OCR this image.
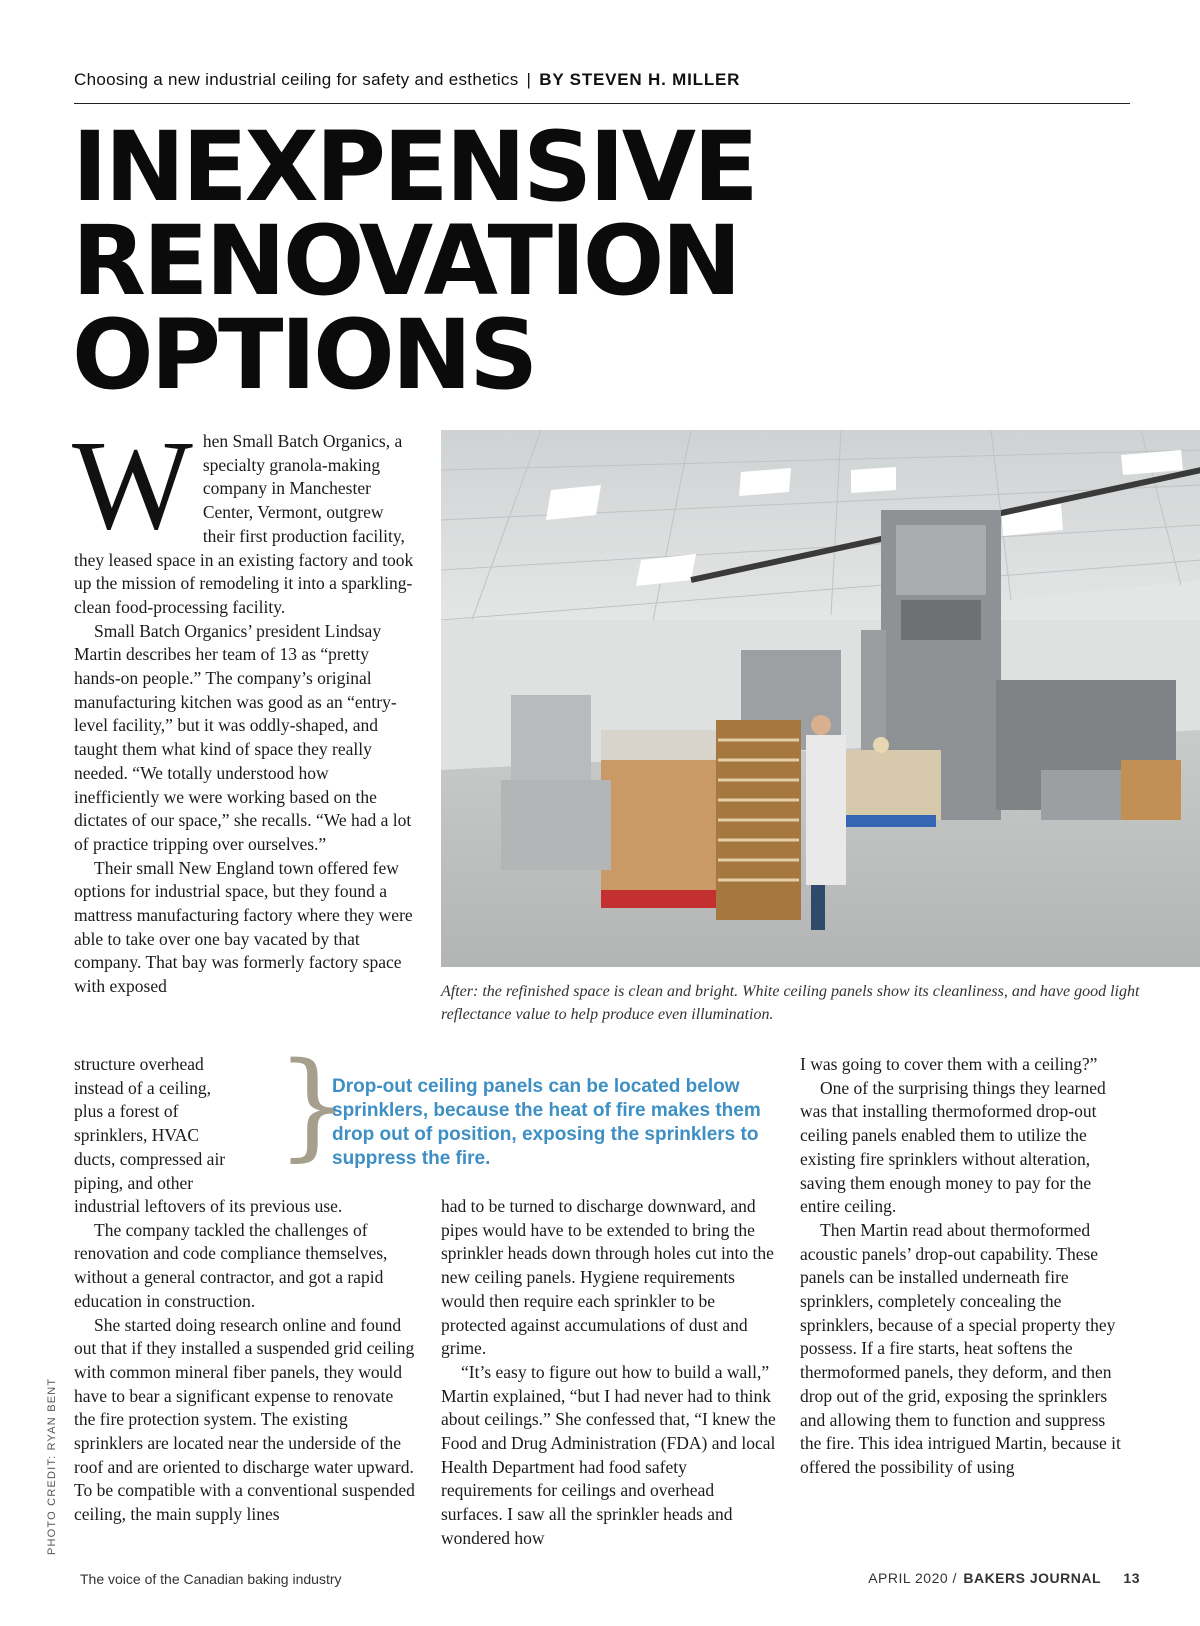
Choosing a new industrial ceiling for safety and esthetics | BY STEVEN H. MILLER
INEXPENSIVE
RENOVATION
OPTIONS
W hen Small Batch Organics, a specialty granola-making company in Manchester Center, Vermont, outgrew their first production facility, they leased space in an existing factory and took up the mission of remodeling it into a sparkling-clean food-processing facility.

Small Batch Organics’ president Lindsay Martin describes her team of 13 as “pretty hands-on people.” The company’s original manufacturing kitchen was good as an “entry-level facility,” but it was oddly-shaped, and taught them what kind of space they really needed. “We totally understood how inefficiently we were working based on the dictates of our space,” she recalls. “We had a lot of practice tripping over ourselves.”

Their small New England town offered few options for industrial space, but they found a mattress manufacturing factory where they were able to take over one bay vacated by that company. That bay was formerly factory space with exposed

structure overhead instead of a ceiling, plus a forest of sprinklers, HVAC ducts, compressed air piping, and other

industrial leftovers of its previous use.

The company tackled the challenges of renovation and code compliance themselves, without a general contractor, and got a rapid education in construction.

She started doing research online and found out that if they installed a suspended grid ceiling with common mineral fiber panels, they would have to bear a significant expense to renovate the fire protection system. The existing sprinklers are located near the underside of the roof and are oriented to discharge water upward. To be compatible with a conventional suspended ceiling, the main supply lines

After: the refinished space is clean and bright. White ceiling panels show its cleanliness, and have good light reflectance value to help produce even illumination.
}
Drop-out ceiling panels can be located below sprinklers, because the heat of fire makes them drop out of position, exposing the sprinklers to suppress the fire.

had to be turned to discharge downward, and pipes would have to be extended to bring the sprinkler heads down through holes cut into the new ceiling panels. Hygiene requirements would then require each sprinkler to be protected against accumulations of dust and grime.

“It’s easy to figure out how to build a wall,” Martin explained, “but I had never had to think about ceilings.” She confessed that, “I knew the Food and Drug Administration (FDA) and local Health Department had food safety requirements for ceilings and overhead surfaces. I saw all the sprinkler heads and wondered how

I was going to cover them with a ceiling?”

One of the surprising things they learned was that installing thermoformed drop-out ceiling panels enabled them to utilize the existing fire sprinklers without alteration, saving them enough money to pay for the entire ceiling.

Then Martin read about thermoformed acoustic panels’ drop-out capability. These panels can be installed underneath fire sprinklers, completely concealing the sprinklers, because of a special property they possess. If a fire starts, heat softens the thermoformed panels, they deform, and then drop out of the grid, exposing the sprinklers and allowing them to function and suppress the fire. This idea intrigued Martin, because it offered the possibility of using

PHOTO CREDIT: RYAN BENT
The voice of the Canadian baking industry	APRIL 2020 / BAKERS JOURNAL 13
